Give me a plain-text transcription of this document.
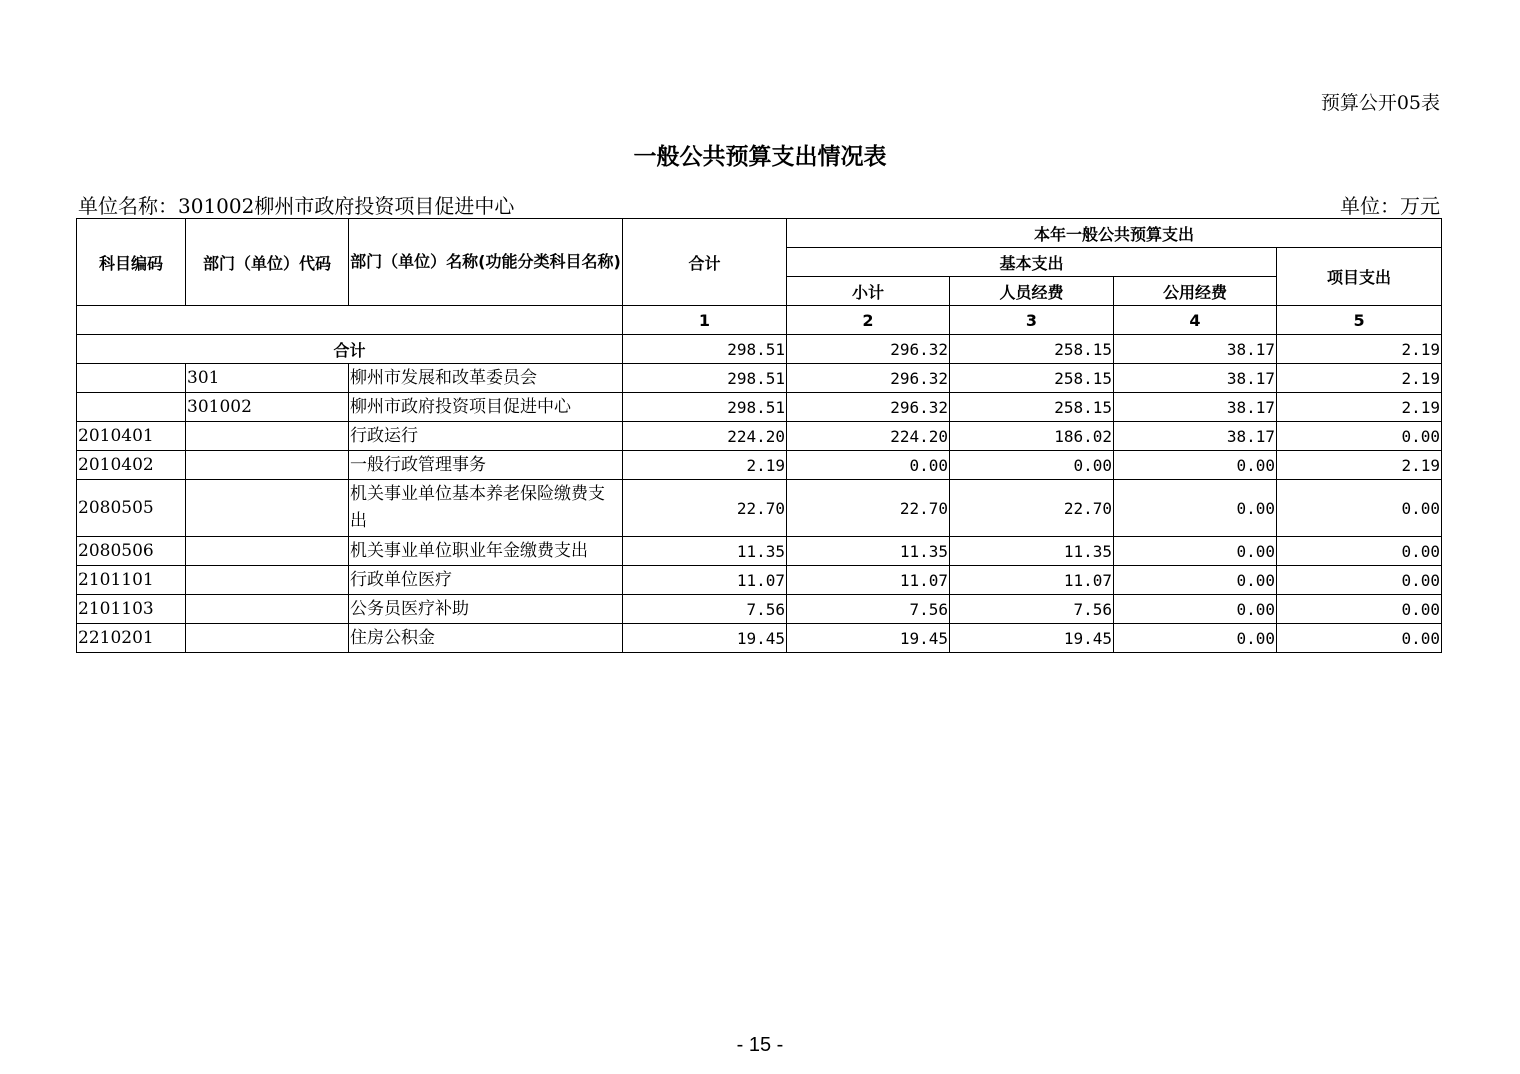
预算公开05表
一般公共预算支出情况表
单位名称：301002柳州市政府投资项目促进中心	单位：万元
科目编码	部门（单位）代码	部门（单位）名称(功能分类科目名称)	合计	本年一般公共预算支出			
				基本支出			项目支出
				小计	人员经费	公用经费	
			1	2	3	4	5
合计			298.51	296.32	258.15	38.17	2.19
	301	柳州市发展和改革委员会	298.51	296.32	258.15	38.17	2.19
	301002	柳州市政府投资项目促进中心	298.51	296.32	258.15	38.17	2.19
2010401		行政运行	224.20	224.20	186.02	38.17	0.00
2010402		一般行政管理事务	2.19	0.00	0.00	0.00	2.19
2080505		机关事业单位基本养老保险缴费支出	22.70	22.70	22.70	0.00	0.00
2080506		机关事业单位职业年金缴费支出	11.35	11.35	11.35	0.00	0.00
2101101		行政单位医疗	11.07	11.07	11.07	0.00	0.00
2101103		公务员医疗补助	7.56	7.56	7.56	0.00	0.00
2210201		住房公积金	19.45	19.45	19.45	0.00	0.00
- 15 -
